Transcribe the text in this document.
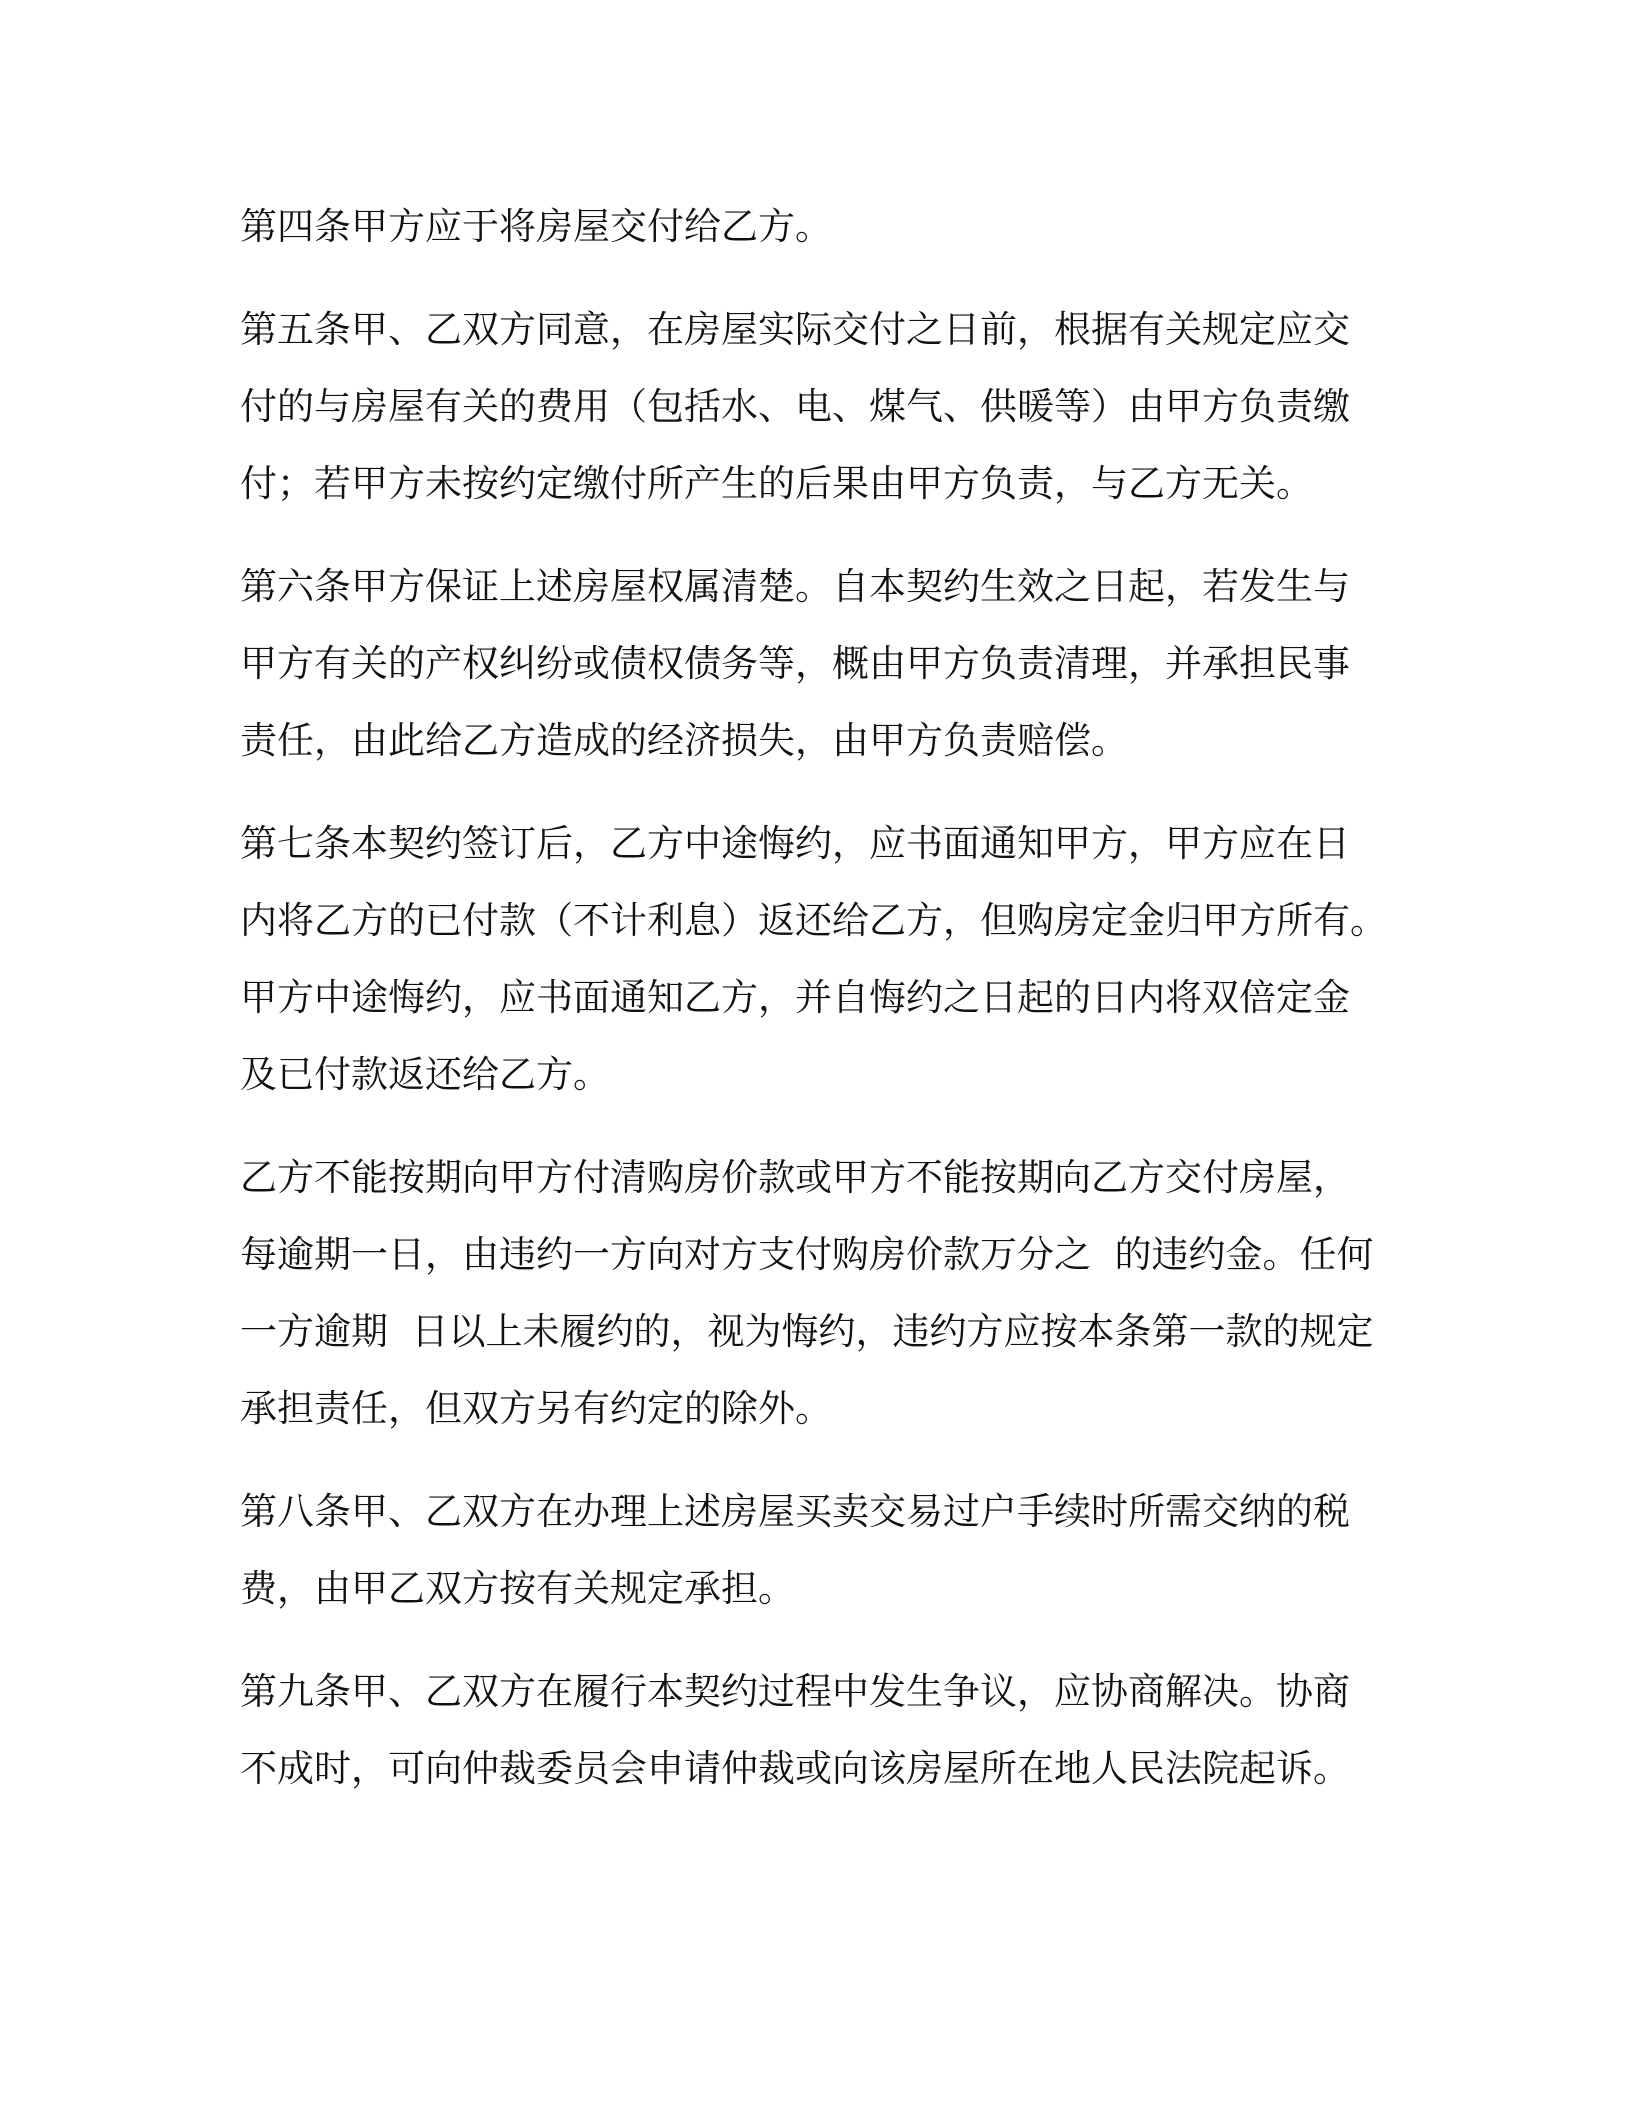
第四条甲方应于将房屋交付给乙方。

第五条甲、乙双方同意，在房屋实际交付之日前，根据有关规定应交
付的与房屋有关的费用（包括水、电、煤气、供暖等）由甲方负责缴
付；若甲方未按约定缴付所产生的后果由甲方负责，与乙方无关。

第六条甲方保证上述房屋权属清楚。自本契约生效之日起，若发生与
甲方有关的产权纠纷或债权债务等，概由甲方负责清理，并承担民事
责任，由此给乙方造成的经济损失，由甲方负责赔偿。

第七条本契约签订后，乙方中途悔约，应书面通知甲方，甲方应在日
内将乙方的已付款（不计利息）返还给乙方，但购房定金归甲方所有。
甲方中途悔约，应书面通知乙方，并自悔约之日起的日内将双倍定金
及已付款返还给乙方。

乙方不能按期向甲方付清购房价款或甲方不能按期向乙方交付房屋，
每逾期一日，由违约一方向对方支付购房价款万分之  的违约金。任何
一方逾期  日以上未履约的，视为悔约，违约方应按本条第一款的规定
承担责任，但双方另有约定的除外。

第八条甲、乙双方在办理上述房屋买卖交易过户手续时所需交纳的税
费，由甲乙双方按有关规定承担。

第九条甲、乙双方在履行本契约过程中发生争议，应协商解决。协商
不成时，可向仲裁委员会申请仲裁或向该房屋所在地人民法院起诉。
